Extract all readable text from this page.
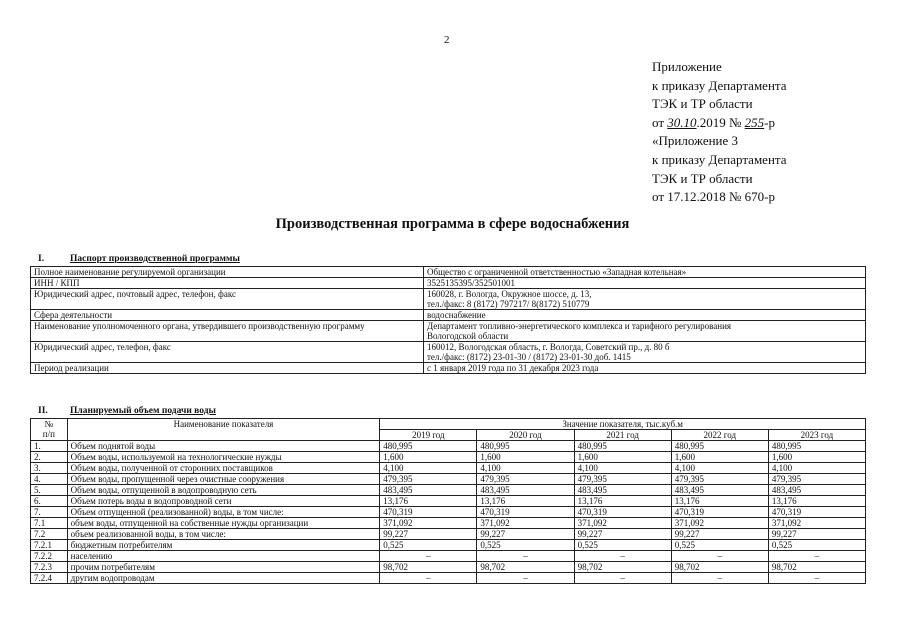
2
Приложение
к приказу Департамента
ТЭК и ТР области
от 30.10.2019 № 255-р
«Приложение 3
к приказу Департамента
ТЭК и ТР области
от 17.12.2018 № 670-р
Производственная программа в сфере водоснабжения
I.	Паспорт производственной программы
Полное наименование регулируемой организации	Общество с ограниченной ответственностью «Западная котельная»

ИНН / КПП	3525135395/352501001

Юридический адрес, почтовый адрес, телефон, факс	160028, г. Вологда, Окружное шоссе, д. 13,
тел./факс: 8 (8172) 797217/ 8(8172) 510779

Сфера деятельности	водоснабжение

Наименование уполномоченного органа, утвердившего производственную программу	Департамент топливно-энергетического комплекса и тарифного регулирования
Вологодской области

Юридический адрес, телефон, факс	160012, Вологодская область, г. Вологда, Советский пр., д. 80 б
тел./факс: (8172) 23-01-30 / (8172) 23-01-30 доб. 1415

Период реализации	с 1 января 2019 года по 31 декабря 2023 года
II. Планируемый объем подачи воды
№
п/п	Наименование показателя	Значение показателя, тыс.куб.м				
		2019 год	2020 год	2021 год	2022 год	2023 год
1.	Объем поднятой воды	480,995	480,995	480,995	480,995	480,995
2.	Объем воды, используемой на технологические нужды	1,600	1,600	1,600	1,600	1,600
3.	Объем воды, полученной от сторонних поставщиков	4,100	4,100	4,100	4,100	4,100
4.	Объем воды, пропущенной через очистные сооружения	479,395	479,395	479,395	479,395	479,395
5.	Объем воды, отпущенной в водопроводную сеть	483,495	483,495	483,495	483,495	483,495
6.	Объем потерь воды в водопроводной сети	13,176	13,176	13,176	13,176	13,176
7.	Объем отпущенной (реализованной) воды, в том числе:	470,319	470,319	470,319	470,319	470,319
7.1	объем воды, отпущенной на собственные нужды организации	371,092	371,092	371,092	371,092	371,092
7.2	объем реализованной воды, в том числе:	99,227	99,227	99,227	99,227	99,227
7.2.1	бюджетным потребителям	0,525	0,525	0,525	0,525	0,525
7.2.2	населению	–	–	–	–	–
7.2.3	прочим потребителям	98,702	98,702	98,702	98,702	98,702
7.2.4	другим водопроводам	–	–	–	–	–
